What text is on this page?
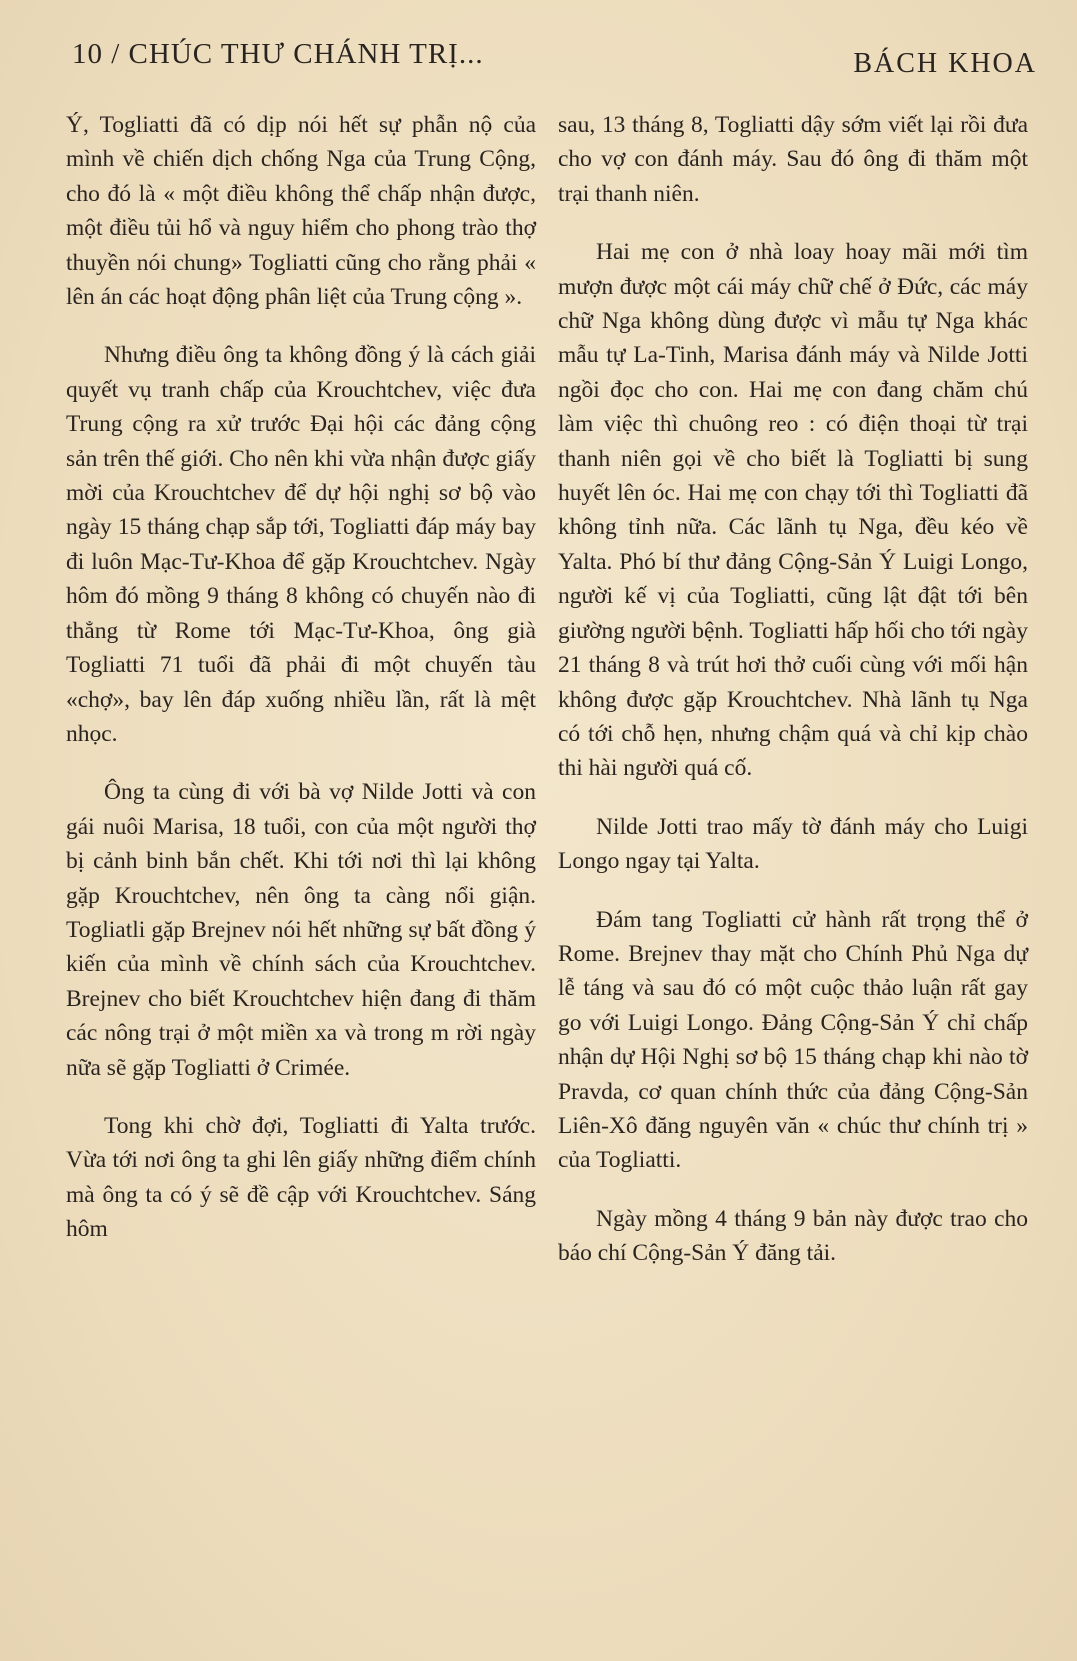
10 / CHÚC THƯ CHÁNH TRỊ...	BÁCH KHOA

Ý, Togliatti đã có dịp nói hết sự phẫn nộ của mình về chiến dịch chống Nga của Trung Cộng, cho đó là « một điều không thể chấp nhận được, một điều tủi hổ và nguy hiểm cho phong trào thợ thuyền nói chung» Togliatti cũng cho rằng phải « lên án các hoạt động phân liệt của Trung cộng ».

Nhưng điều ông ta không đồng ý là cách giải quyết vụ tranh chấp của Krouchtchev, việc đưa Trung cộng ra xử trước Đại hội các đảng cộng sản trên thế giới. Cho nên khi vừa nhận được giấy mời của Krouchtchev để dự hội nghị sơ bộ vào ngày 15 tháng chạp sắp tới, Togliatti đáp máy bay đi luôn Mạc-Tư-Khoa để gặp Krouchtchev. Ngày hôm đó mồng 9 tháng 8 không có chuyến nào đi thẳng từ Rome tới Mạc-Tư-Khoa, ông già Togliatti 71 tuổi đã phải đi một chuyến tàu «chợ», bay lên đáp xuống nhiều lần, rất là mệt nhọc.

Ông ta cùng đi với bà vợ Nilde Jotti và con gái nuôi Marisa, 18 tuổi, con của một người thợ bị cảnh binh bắn chết. Khi tới nơi thì lại không gặp Krouchtchev, nên ông ta càng nổi giận. Togliatli gặp Brejnev nói hết những sự bất đồng ý kiến của mình về chính sách của Krouchtchev. Brejnev cho biết Krouchtchev hiện đang đi thăm các nông trại ở một miền xa và trong m rời ngày nữa sẽ gặp Togliatti ở Crimée.

Tong khi chờ đợi, Togliatti đi Yalta trước. Vừa tới nơi ông ta ghi lên giấy những điểm chính mà ông ta có ý sẽ đề cập với Krouchtchev. Sáng hôm

sau, 13 tháng 8, Togliatti dậy sớm viết lại rồi đưa cho vợ con đánh máy. Sau đó ông đi thăm một trại thanh niên.

Hai mẹ con ở nhà loay hoay mãi mới tìm mượn được một cái máy chữ chế ở Đức, các máy chữ Nga không dùng được vì mẫu tự Nga khác mẫu tự La-Tinh, Marisa đánh máy và Nilde Jotti ngồi đọc cho con. Hai mẹ con đang chăm chú làm việc thì chuông reo : có điện thoại từ trại thanh niên gọi về cho biết là Togliatti bị sung huyết lên óc. Hai mẹ con chạy tới thì Togliatti đã không tỉnh nữa. Các lãnh tụ Nga, đều kéo về Yalta. Phó bí thư đảng Cộng-Sản Ý Luigi Longo, người kế vị của Togliatti, cũng lật đật tới bên giường người bệnh. Togliatti hấp hối cho tới ngày 21 tháng 8 và trút hơi thở cuối cùng với mối hận không được gặp Krouchtchev. Nhà lãnh tụ Nga có tới chỗ hẹn, nhưng chậm quá và chỉ kịp chào thi hài người quá cố.

Nilde Jotti trao mấy tờ đánh máy cho Luigi Longo ngay tại Yalta.

Đám tang Togliatti cử hành rất trọng thể ở Rome. Brejnev thay mặt cho Chính Phủ Nga dự lễ táng và sau đó có một cuộc thảo luận rất gay go với Luigi Longo. Đảng Cộng-Sản Ý chỉ chấp nhận dự Hội Nghị sơ bộ 15 tháng chạp khi nào tờ Pravda, cơ quan chính thức của đảng Cộng-Sản Liên-Xô đăng nguyên văn « chúc thư chính trị » của Togliatti.

Ngày mồng 4 tháng 9 bản này được trao cho báo chí Cộng-Sản Ý đăng tải.
